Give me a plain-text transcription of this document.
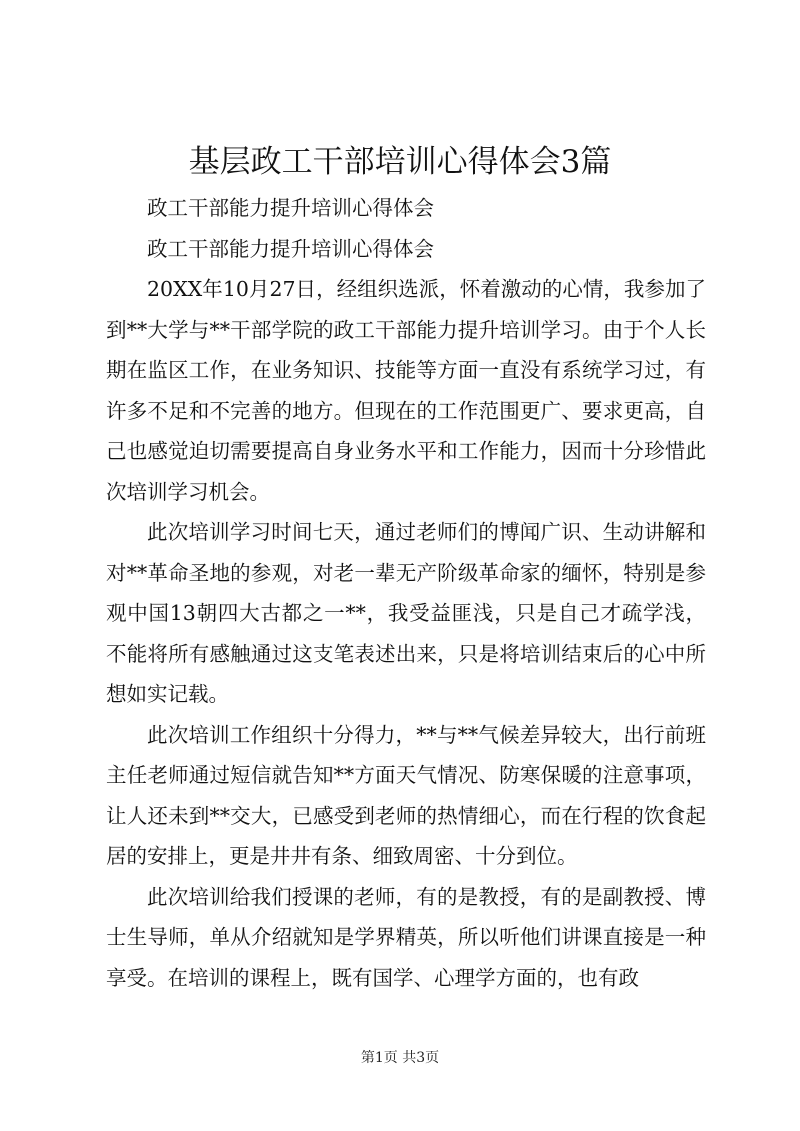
基层政工干部培训心得体会3篇

政工干部能力提升培训心得体会

政工干部能力提升培训心得体会

20XX年10月27日，经组织选派，怀着激动的心情，我参加了到**大学与**干部学院的政工干部能力提升培训学习。由于个人长期在监区工作，在业务知识、技能等方面一直没有系统学习过，有许多不足和不完善的地方。但现在的工作范围更广、要求更高，自己也感觉迫切需要提高自身业务水平和工作能力，因而十分珍惜此次培训学习机会。

此次培训学习时间七天，通过老师们的博闻广识、生动讲解和对**革命圣地的参观，对老一辈无产阶级革命家的缅怀，特别是参观中国13朝四大古都之一**，我受益匪浅，只是自己才疏学浅，不能将所有感触通过这支笔表述出来，只是将培训结束后的心中所想如实记载。

此次培训工作组织十分得力，**与**气候差异较大，出行前班主任老师通过短信就告知**方面天气情况、防寒保暖的注意事项，让人还未到**交大，已感受到老师的热情细心，而在行程的饮食起居的安排上，更是井井有条、细致周密、十分到位。

此次培训给我们授课的老师，有的是教授，有的是副教授、博士生导师，单从介绍就知是学界精英，所以听他们讲课直接是一种享受。在培训的课程上，既有国学、心理学方面的，也有政

第1页 共3页
